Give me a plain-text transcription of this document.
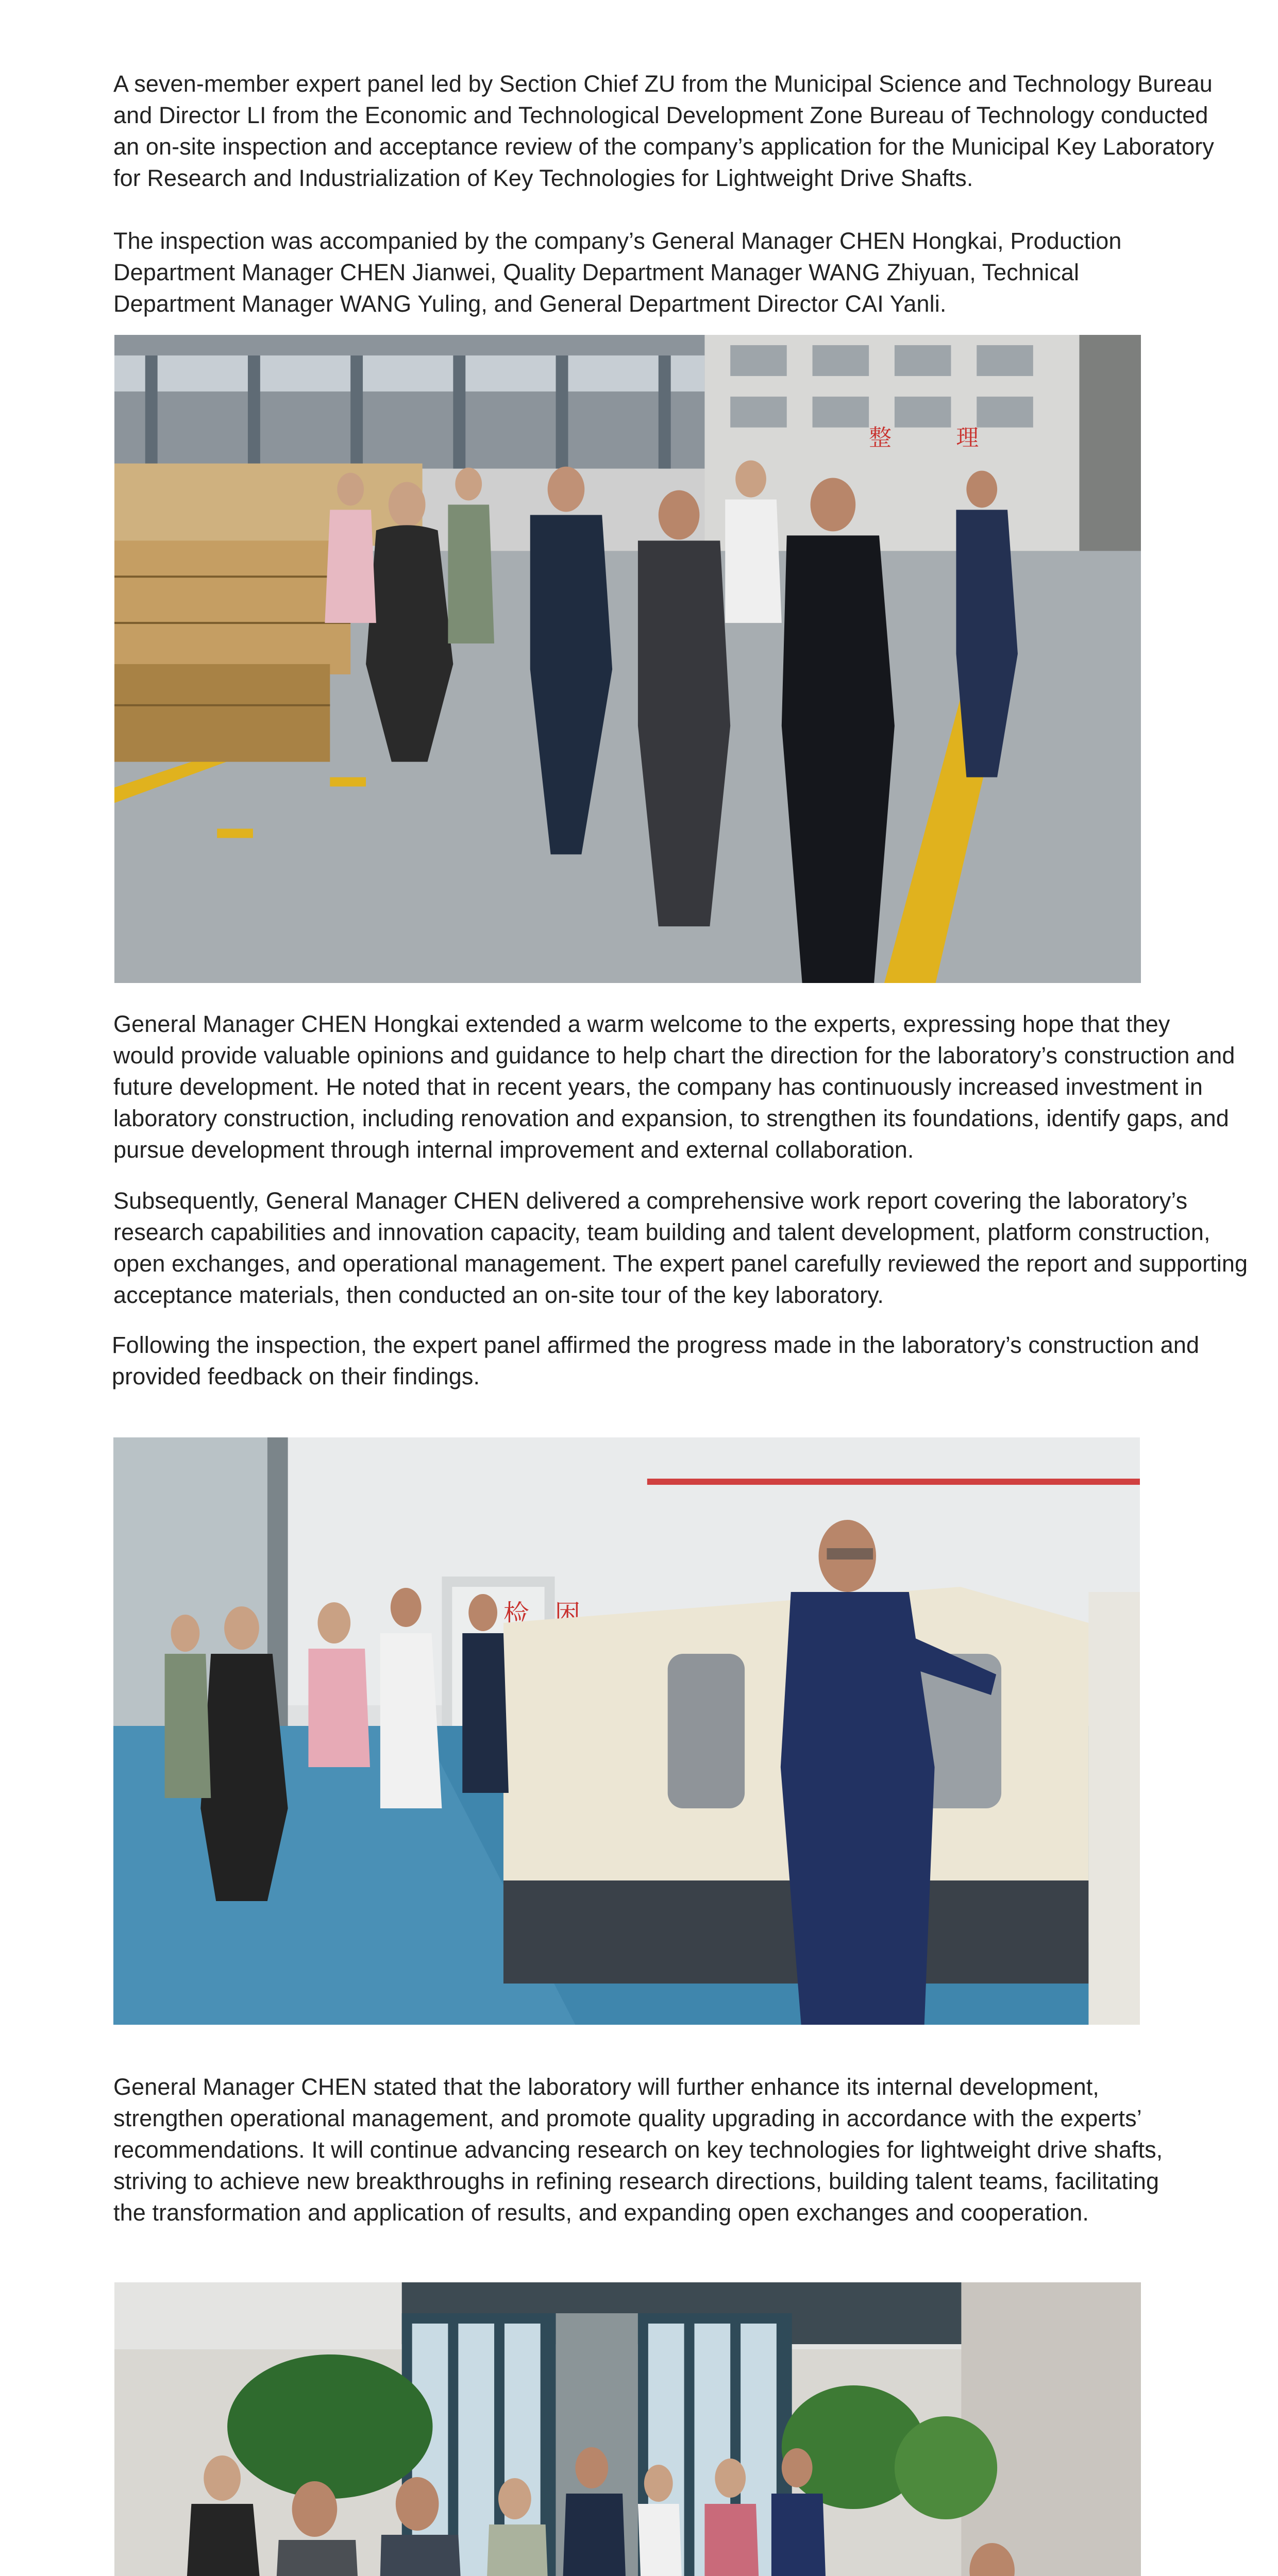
A seven-member expert panel led by Section Chief ZU from the Municipal Science and Technology Bureau and Director LI from the Economic and Technological Development Zone Bureau of Technology conducted an on-site inspection and acceptance review of the company’s application for the Municipal Key Laboratory for Research and Industrialization of Key Technologies for Lightweight Drive Shafts.

The inspection was accompanied by the company’s General Manager CHEN Hongkai, Production Department Manager CHEN Jianwei, Quality Department Manager WANG Zhiyuan, Technical Department Manager WANG Yuling, and General Department Director CAI Yanli.

整	理

General Manager CHEN Hongkai extended a warm welcome to the experts, expressing hope that they would provide valuable opinions and guidance to help chart the direction for the laboratory’s construction and future development. He noted that in recent years, the company has continuously increased investment in laboratory construction, including renovation and expansion, to strengthen its foundations, identify gaps, and pursue development through internal improvement and external collaboration.

Subsequently, General Manager CHEN delivered a comprehensive work report covering the laboratory’s research capabilities and innovation capacity, team building and talent development, platform construction, open exchanges, and operational management. The expert panel carefully reviewed the report and supporting acceptance materials, then conducted an on-site tour of the key laboratory.

Following the inspection, the expert panel affirmed the progress made in the laboratory’s construction and provided feedback on their findings.

检 困

General Manager CHEN stated that the laboratory will further enhance its internal development, strengthen operational management, and promote quality upgrading in accordance with the experts’ recommendations. It will continue advancing research on key technologies for lightweight drive shafts, striving to achieve new breakthroughs in refining research directions, building talent teams, facilitating the transformation and application of results, and expanding open exchanges and cooperation.
